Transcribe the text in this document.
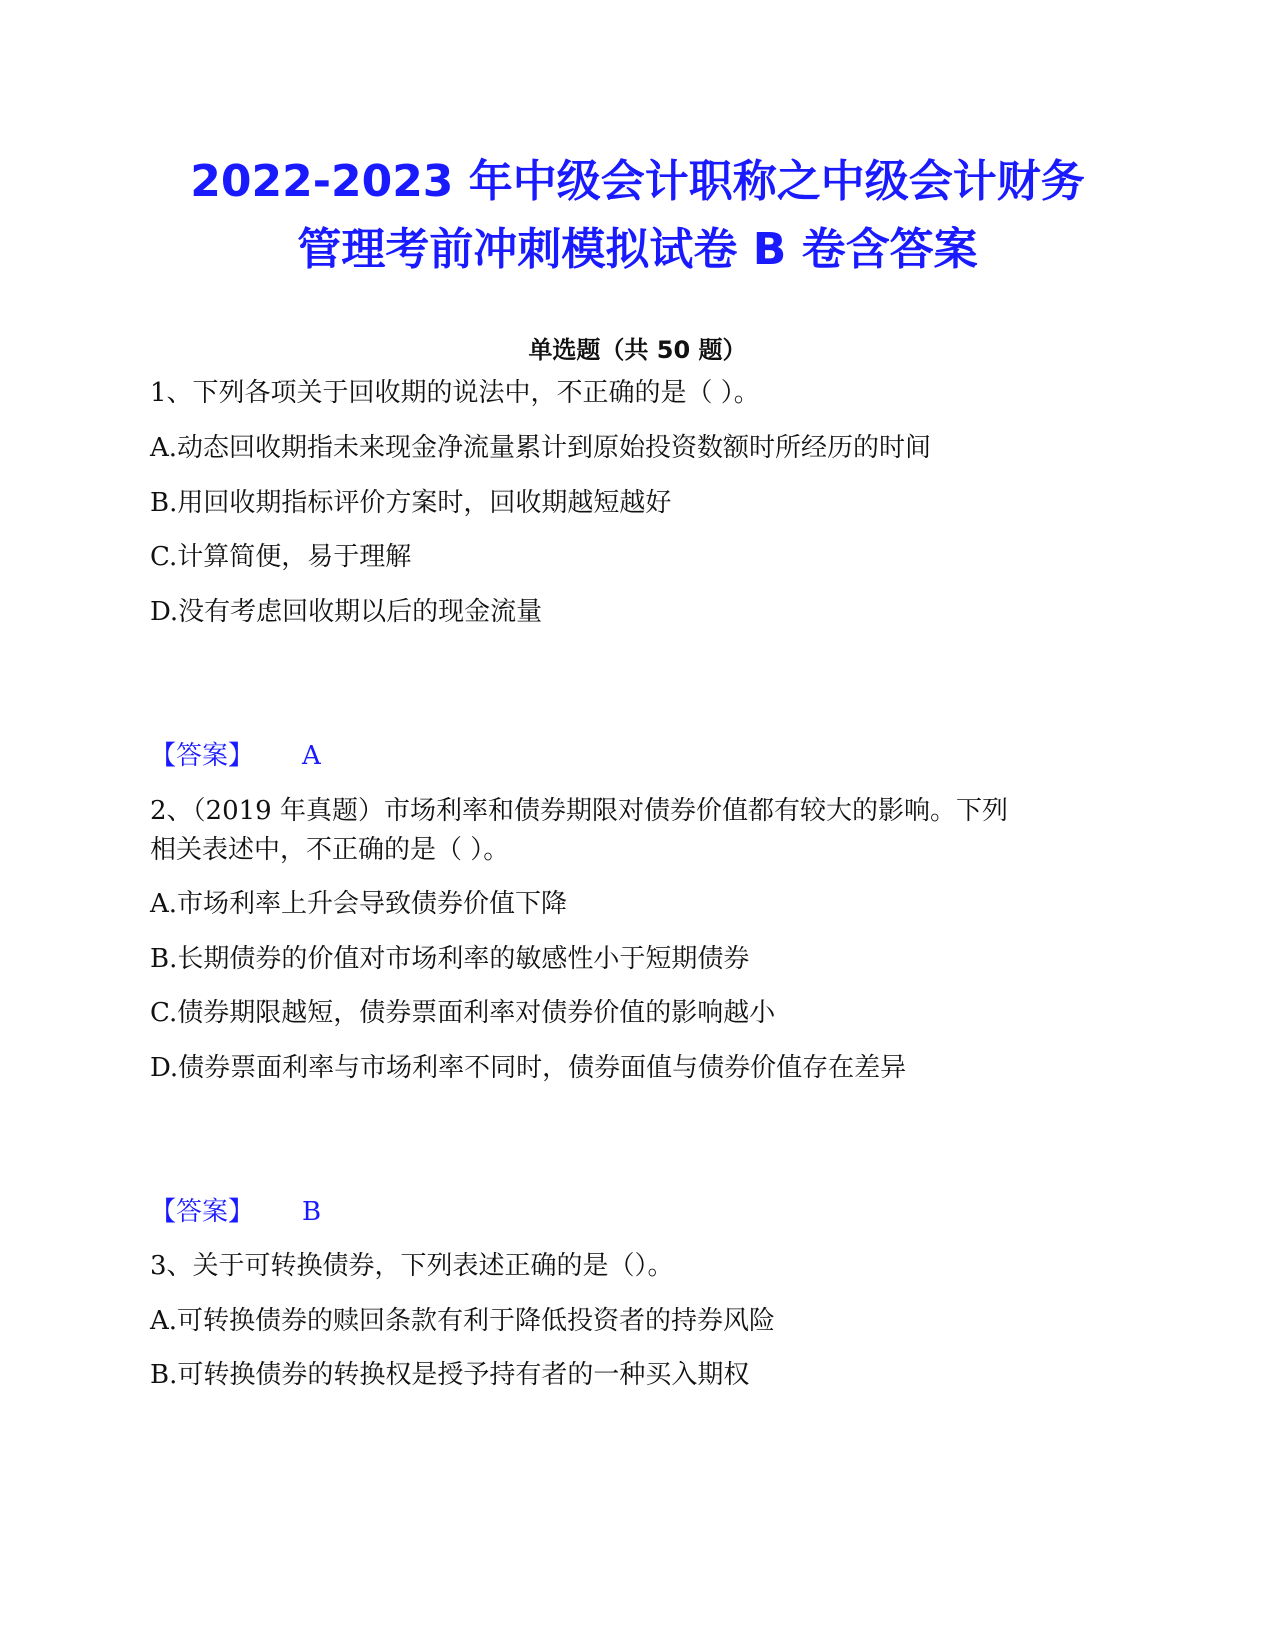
2022-2023 年中级会计职称之中级会计财务
管理考前冲刺模拟试卷 B 卷含答案
单选题（共 50 题）
1、下列各项关于回收期的说法中，不正确的是（ ）。
A.动态回收期指未来现金净流量累计到原始投资数额时所经历的时间
B.用回收期指标评价方案时，回收期越短越好
C.计算简便，易于理解
D.没有考虑回收期以后的现金流量
【答案】 A
2、（2019 年真题）市场利率和债券期限对债券价值都有较大的影响。下列
相关表述中，不正确的是（ ）。
A.市场利率上升会导致债券价值下降
B.长期债券的价值对市场利率的敏感性小于短期债券
C.债券期限越短，债券票面利率对债券价值的影响越小
D.债券票面利率与市场利率不同时，债券面值与债券价值存在差异
【答案】 B
3、关于可转换债券，下列表述正确的是（）。
A.可转换债券的赎回条款有利于降低投资者的持券风险
B.可转换债券的转换权是授予持有者的一种买入期权
